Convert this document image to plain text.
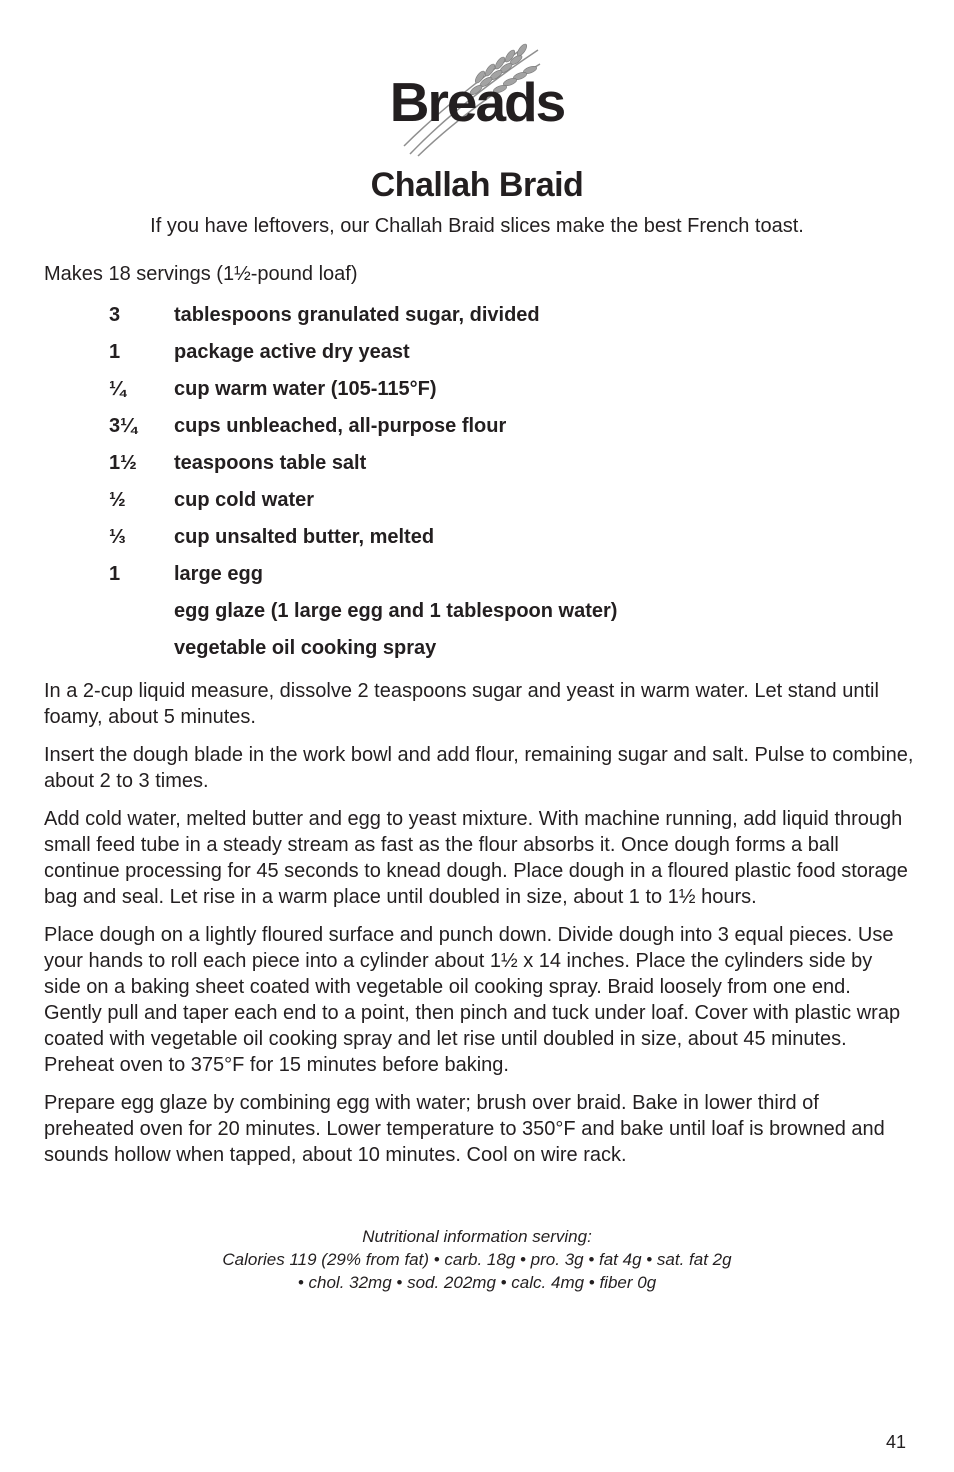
Breads
Challah Braid

If you have leftovers, our Challah Braid slices make the best French toast.

Makes 18 servings (1½-pound loaf)

3	tablespoons granulated sugar, divided
1	package active dry yeast
¼	cup warm water (105-115°F)
3¼	cups unbleached, all-purpose flour
1½	teaspoons table salt
½	cup cold water
⅓	cup unsalted butter, melted
1	large egg
egg glaze (1 large egg and 1 tablespoon water)
vegetable oil cooking spray

In a 2-cup liquid measure, dissolve 2 teaspoons sugar and yeast in warm water. Let stand until foamy, about 5 minutes.

Insert the dough blade in the work bowl and add flour, remaining sugar and salt. Pulse to combine, about 2 to 3 times.

Add cold water, melted butter and egg to yeast mixture. With machine running, add liquid through small feed tube in a steady stream as fast as the flour absorbs it. Once dough forms a ball continue processing for 45 seconds to knead dough. Place dough in a floured plastic food storage bag and seal. Let rise in a warm place until doubled in size, about 1 to 1½ hours.

Place dough on a lightly floured surface and punch down. Divide dough into 3 equal pieces. Use your hands to roll each piece into a cylinder about 1½ x 14 inches. Place the cylinders side by side on a baking sheet coated with vegetable oil cooking spray. Braid loosely from one end. Gently pull and taper each end to a point, then pinch and tuck under loaf. Cover with plastic wrap coated with vegetable oil cooking spray and let rise until doubled in size, about 45 minutes. Preheat oven to 375°F for 15 minutes before baking.

Prepare egg glaze by combining egg with water; brush over braid. Bake in lower third of preheated oven for 20 minutes. Lower temperature to 350°F and bake until loaf is browned and sounds hollow when tapped, about 10 minutes. Cool on wire rack.

Nutritional information serving:
Calories 119 (29% from fat) • carb. 18g • pro. 3g • fat 4g • sat. fat 2g
• chol. 32mg • sod. 202mg • calc. 4mg • fiber 0g
41
